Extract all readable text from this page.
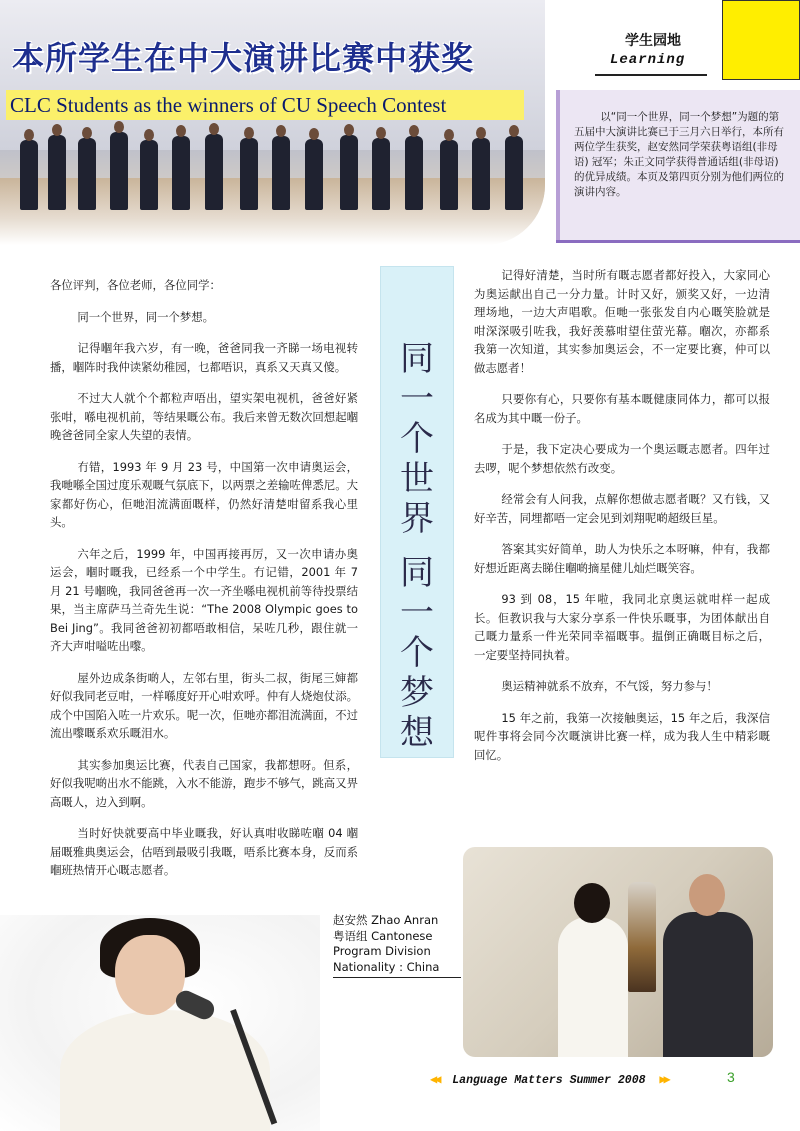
本所学生在中大演讲比赛中获奖
CLC Students as the winners of CU Speech Contest
学生园地
Learning

以“同一个世界，同一个梦想”为题的第五届中大演讲比赛已于三月六日举行，本所有两位学生获奖，赵安然同学荣获粤语组(非母语) 冠军；朱正文同学获得普通话组(非母语)的优异成绩。本页及第四页分别为他们两位的演讲内容。

各位评判，各位老师，各位同学：

同一个世界，同一个梦想。

记得嗰年我六岁，有一晚，爸爸同我一齐睇一场电视转播，嗰阵时我仲读紧幼稚园，乜都唔识，真系又天真又傻。

不过大人就个个都粒声唔出，望实架电视机，爸爸好紧张咁，喺电视机前，等结果嘅公布。我后来曾无数次回想起嗰晚爸爸同全家人失望的表情。

冇错，1993 年 9 月 23 号，中国第一次申请奥运会，我哋喺全国过度乐观嘅气氛底下，以两票之差输咗俾悉尼。大家都好伤心，佢哋泪流满面嘅样，仍然好清楚咁留系我心里头。

六年之后，1999 年，中国再接再厉，又一次申请办奥运会，嗰时嘅我，已经系一个中学生。冇记错，2001 年 7 月 21 号嗰晚，我同爸爸再一次一齐坐喺电视机前等待投票结果，当主席萨马兰奇先生说：“The 2008 Olympic goes to Bei Jing”。我同爸爸初初都唔敢相信，呆咗几秒，跟住就一齐大声咁嗌咗出嚟。

屋外边成条街啲人，左邻右里，街头二叔，街尾三婶都好似我同老豆咁，一样喺度好开心咁欢呼。仲有人烧炮仗添。成个中国陷入咗一片欢乐。呢一次，佢哋亦都泪流满面，不过流出嚟嘅系欢乐嘅泪水。

其实参加奥运比赛，代表自己国家，我都想呀。但系，好似我呢啲出水不能跳，入水不能游，跑步不够气，跳高又畀高嘅人，边入到啊。

当时好快就要高中毕业嘅我，好认真咁收睇咗嗰 04 嗰届嘅雅典奥运会，估唔到最吸引我嘅，唔系比赛本身，反而系嗰班热情开心嘅志愿者。

同
一
个
世
界
同
一
个
梦
想

记得好清楚，当时所有嘅志愿者都好投入，大家同心为奥运献出自己一分力量。计时又好，颁奖又好，一边清理场地，一边大声唱歌。佢哋一张张发自内心嘅笑脸就是咁深深吸引咗我，我好羡慕咁望住萤光幕。嗰次，亦都系我第一次知道，其实参加奥运会，不一定要比赛，仲可以做志愿者！

只要你有心，只要你有基本嘅健康同体力，都可以报名成为其中嘅一份子。

于是，我下定决心要成为一个奥运嘅志愿者。四年过去啰，呢个梦想依然冇改变。

经常会有人问我，点解你想做志愿者嘅？又冇钱，又好辛苦，同埋都唔一定会见到刘翔呢啲超级巨星。

答案其实好简单，助人为快乐之本呀嘛，仲有，我都好想近距离去睇住嗰啲摘星健儿灿烂嘅笑容。

93 到 08，15 年啦，我同北京奥运就咁样一起成长。佢教识我与大家分享系一件快乐嘅事，为团体献出自己嘅力量系一件光荣同幸福嘅事。揾倒正确嘅目标之后，一定要坚持同执着。

奥运精神就系不放弃，不气馁，努力参与！

15 年之前，我第一次接触奥运，15 年之后，我深信呢件事将会同今次嘅演讲比赛一样，成为我人生中精彩嘅回忆。

赵安然 Zhao Anran
粤语组 Cantonese
Program Division
Nationality : China
◀◀ Language Matters Summer 2008 ▶▶	3
